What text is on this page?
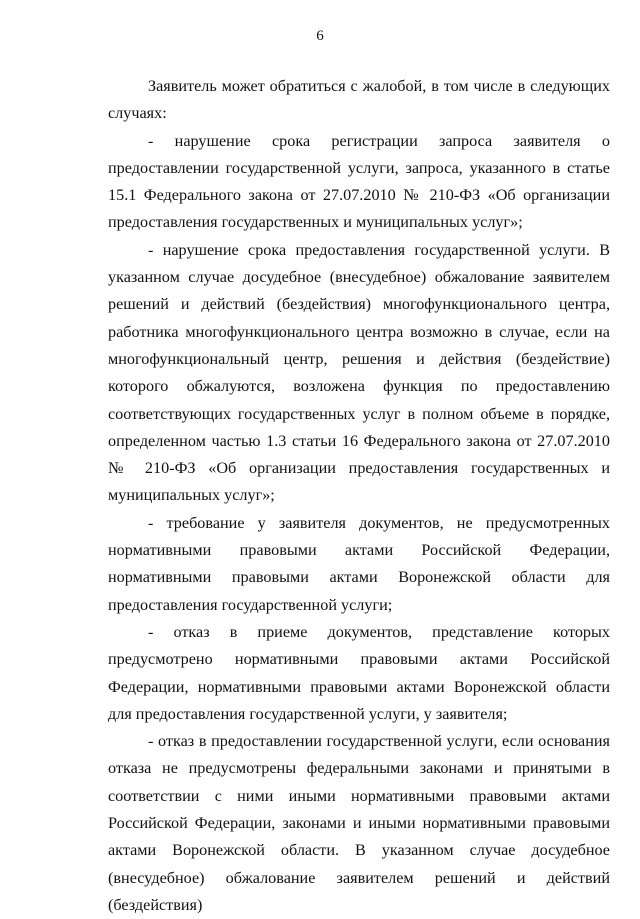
6

Заявитель может обратиться с жалобой, в том числе в следующих случаях:

- нарушение срока регистрации запроса заявителя о предоставлении государственной услуги, запроса, указанного в статье 15.1 Федерального закона от 27.07.2010 № 210-ФЗ «Об организации предоставления государственных и муниципальных услуг»;

- нарушение срока предоставления государственной услуги. В указанном случае досудебное (внесудебное) обжалование заявителем решений и действий (бездействия) многофункционального центра, работника многофункционального центра возможно в случае, если на многофункциональный центр, решения и действия (бездействие) которого обжалуются, возложена функция по предоставлению соответствующих государственных услуг в полном объеме в порядке, определенном частью 1.3 статьи 16 Федерального закона от 27.07.2010 № 210-ФЗ «Об организации предоставления государственных и муниципальных услуг»;

- требование у заявителя документов, не предусмотренных нормативными правовыми актами Российской Федерации, нормативными правовыми актами Воронежской области для предоставления государственной услуги;

- отказ в приеме документов, представление которых предусмотрено нормативными правовыми актами Российской Федерации, нормативными правовыми актами Воронежской области для предоставления государственной услуги, у заявителя;

- отказ в предоставлении государственной услуги, если основания отказа не предусмотрены федеральными законами и принятыми в соответствии с ними иными нормативными правовыми актами Российской Федерации, законами и иными нормативными правовыми актами Воронежской области. В указанном случае досудебное (внесудебное) обжалование заявителем решений и действий (бездействия)
